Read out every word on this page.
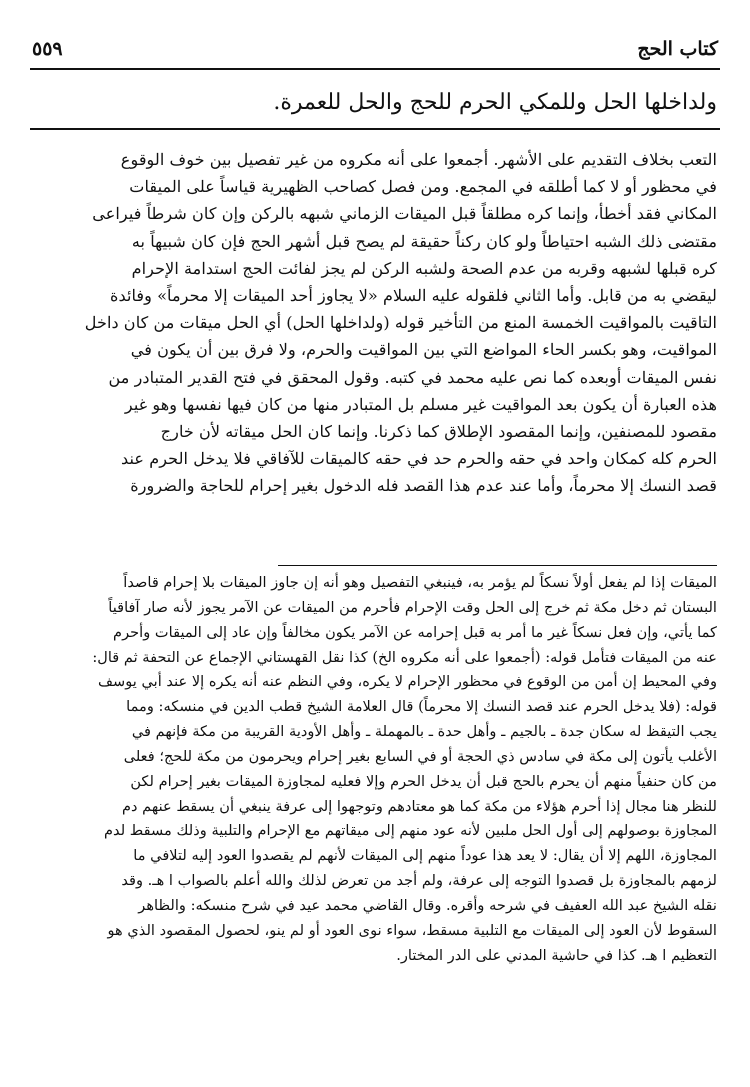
كتاب الحج
٥٥٩
ولداخلها الحل وللمكي الحرم للحج والحل للعمرة.
التعب بخلاف التقديم على الأشهر. أجمعوا على أنه مكروه من غير تفصيل بين خوف الوقوع
في محظور أو لا كما أطلقه في المجمع. ومن فصل كصاحب الظهيرية قياساً على الميقات
المكاني فقد أخطأ، وإنما كره مطلقاً قبل الميقات الزماني شبهه بالركن وإن كان شرطاً فيراعى
مقتضى ذلك الشبه احتياطاً ولو كان ركناً حقيقة لم يصح قبل أشهر الحج فإن كان شبيهاً به
كره قبلها لشبهه وقربه من عدم الصحة ولشبه الركن لم يجز لفائت الحج استدامة الإحرام
ليقضي به من قابل. وأما الثاني فلقوله عليه السلام «لا يجاوز أحد الميقات إلا محرماً» وفائدة
التاقيت بالمواقيت الخمسة المنع من التأخير قوله (ولداخلها الحل) أي الحل ميقات من كان داخل
المواقيت، وهو بكسر الحاء المواضع التي بين المواقيت والحرم، ولا فرق بين أن يكون في
نفس الميقات أوبعده كما نص عليه محمد في كتبه. وقول المحقق في فتح القدير المتبادر من
هذه العبارة أن يكون بعد المواقيت غير مسلم بل المتبادر منها من كان فيها نفسها وهو غير
مقصود للمصنفين، وإنما المقصود الإطلاق كما ذكرنا. وإنما كان الحل ميقاته لأن خارج
الحرم كله كمكان واحد في حقه والحرم حد في حقه كالميقات للآفاقي فلا يدخل الحرم عند
قصد النسك إلا محرماً، وأما عند عدم هذا القصد فله الدخول بغير إحرام للحاجة والضرورة
الميقات إذا لم يفعل أولاً نسكاً لم يؤمر به، فينبغي التفصيل وهو أنه إن جاوز الميقات بلا إحرام قاصداً
البستان ثم دخل مكة ثم خرج إلى الحل وقت الإحرام فأحرم من الميقات عن الآمر يجوز لأنه صار آفاقياً
كما يأتي، وإن فعل نسكاً غير ما أمر به قبل إحرامه عن الآمر يكون مخالفاً وإن عاد إلى الميقات وأحرم
عنه من الميقات فتأمل قوله: (أجمعوا على أنه مكروه الخ) كذا نقل القهستاني الإجماع عن التحفة ثم قال:
وفي المحيط إن أمن من الوقوع في محظور الإحرام لا يكره، وفي النظم عنه أنه يكره إلا عند أبي يوسف
قوله: (فلا يدخل الحرم عند قصد النسك إلا محرماً) قال العلامة الشيخ قطب الدين في منسكه: ومما
يجب التيقظ له سكان جدة ـ بالجيم ـ وأهل حدة ـ بالمهملة ـ وأهل الأودية القريبة من مكة فإنهم في
الأغلب يأتون إلى مكة في سادس ذي الحجة أو في السابع بغير إحرام ويحرمون من مكة للحج؛ فعلى
من كان حنفياً منهم أن يحرم بالحج قبل أن يدخل الحرم وإلا فعليه لمجاوزة الميقات بغير إحرام لكن
للنظر هنا مجال إذا أحرم هؤلاء من مكة كما هو معتادهم وتوجهوا إلى عرفة ينبغي أن يسقط عنهم دم
المجاوزة بوصولهم إلى أول الحل ملبين لأنه عود منهم إلى ميقاتهم مع الإحرام والتلبية وذلك مسقط لدم
المجاوزة، اللهم إلا أن يقال: لا يعد هذا عوداً منهم إلى الميقات لأنهم لم يقصدوا العود إليه لتلافي ما
لزمهم بالمجاوزة بل قصدوا التوجه إلى عرفة، ولم أجد من تعرض لذلك والله أعلم بالصواب ا هـ. وقد
نقله الشيخ عبد الله العفيف في شرحه وأقره. وقال القاضي محمد عيد في شرح منسكه: والظاهر
السقوط لأن العود إلى الميقات مع التلبية مسقط، سواء نوى العود أو لم ينو، لحصول المقصود الذي هو
التعظيم ا هـ. كذا في حاشية المدني على الدر المختار.
